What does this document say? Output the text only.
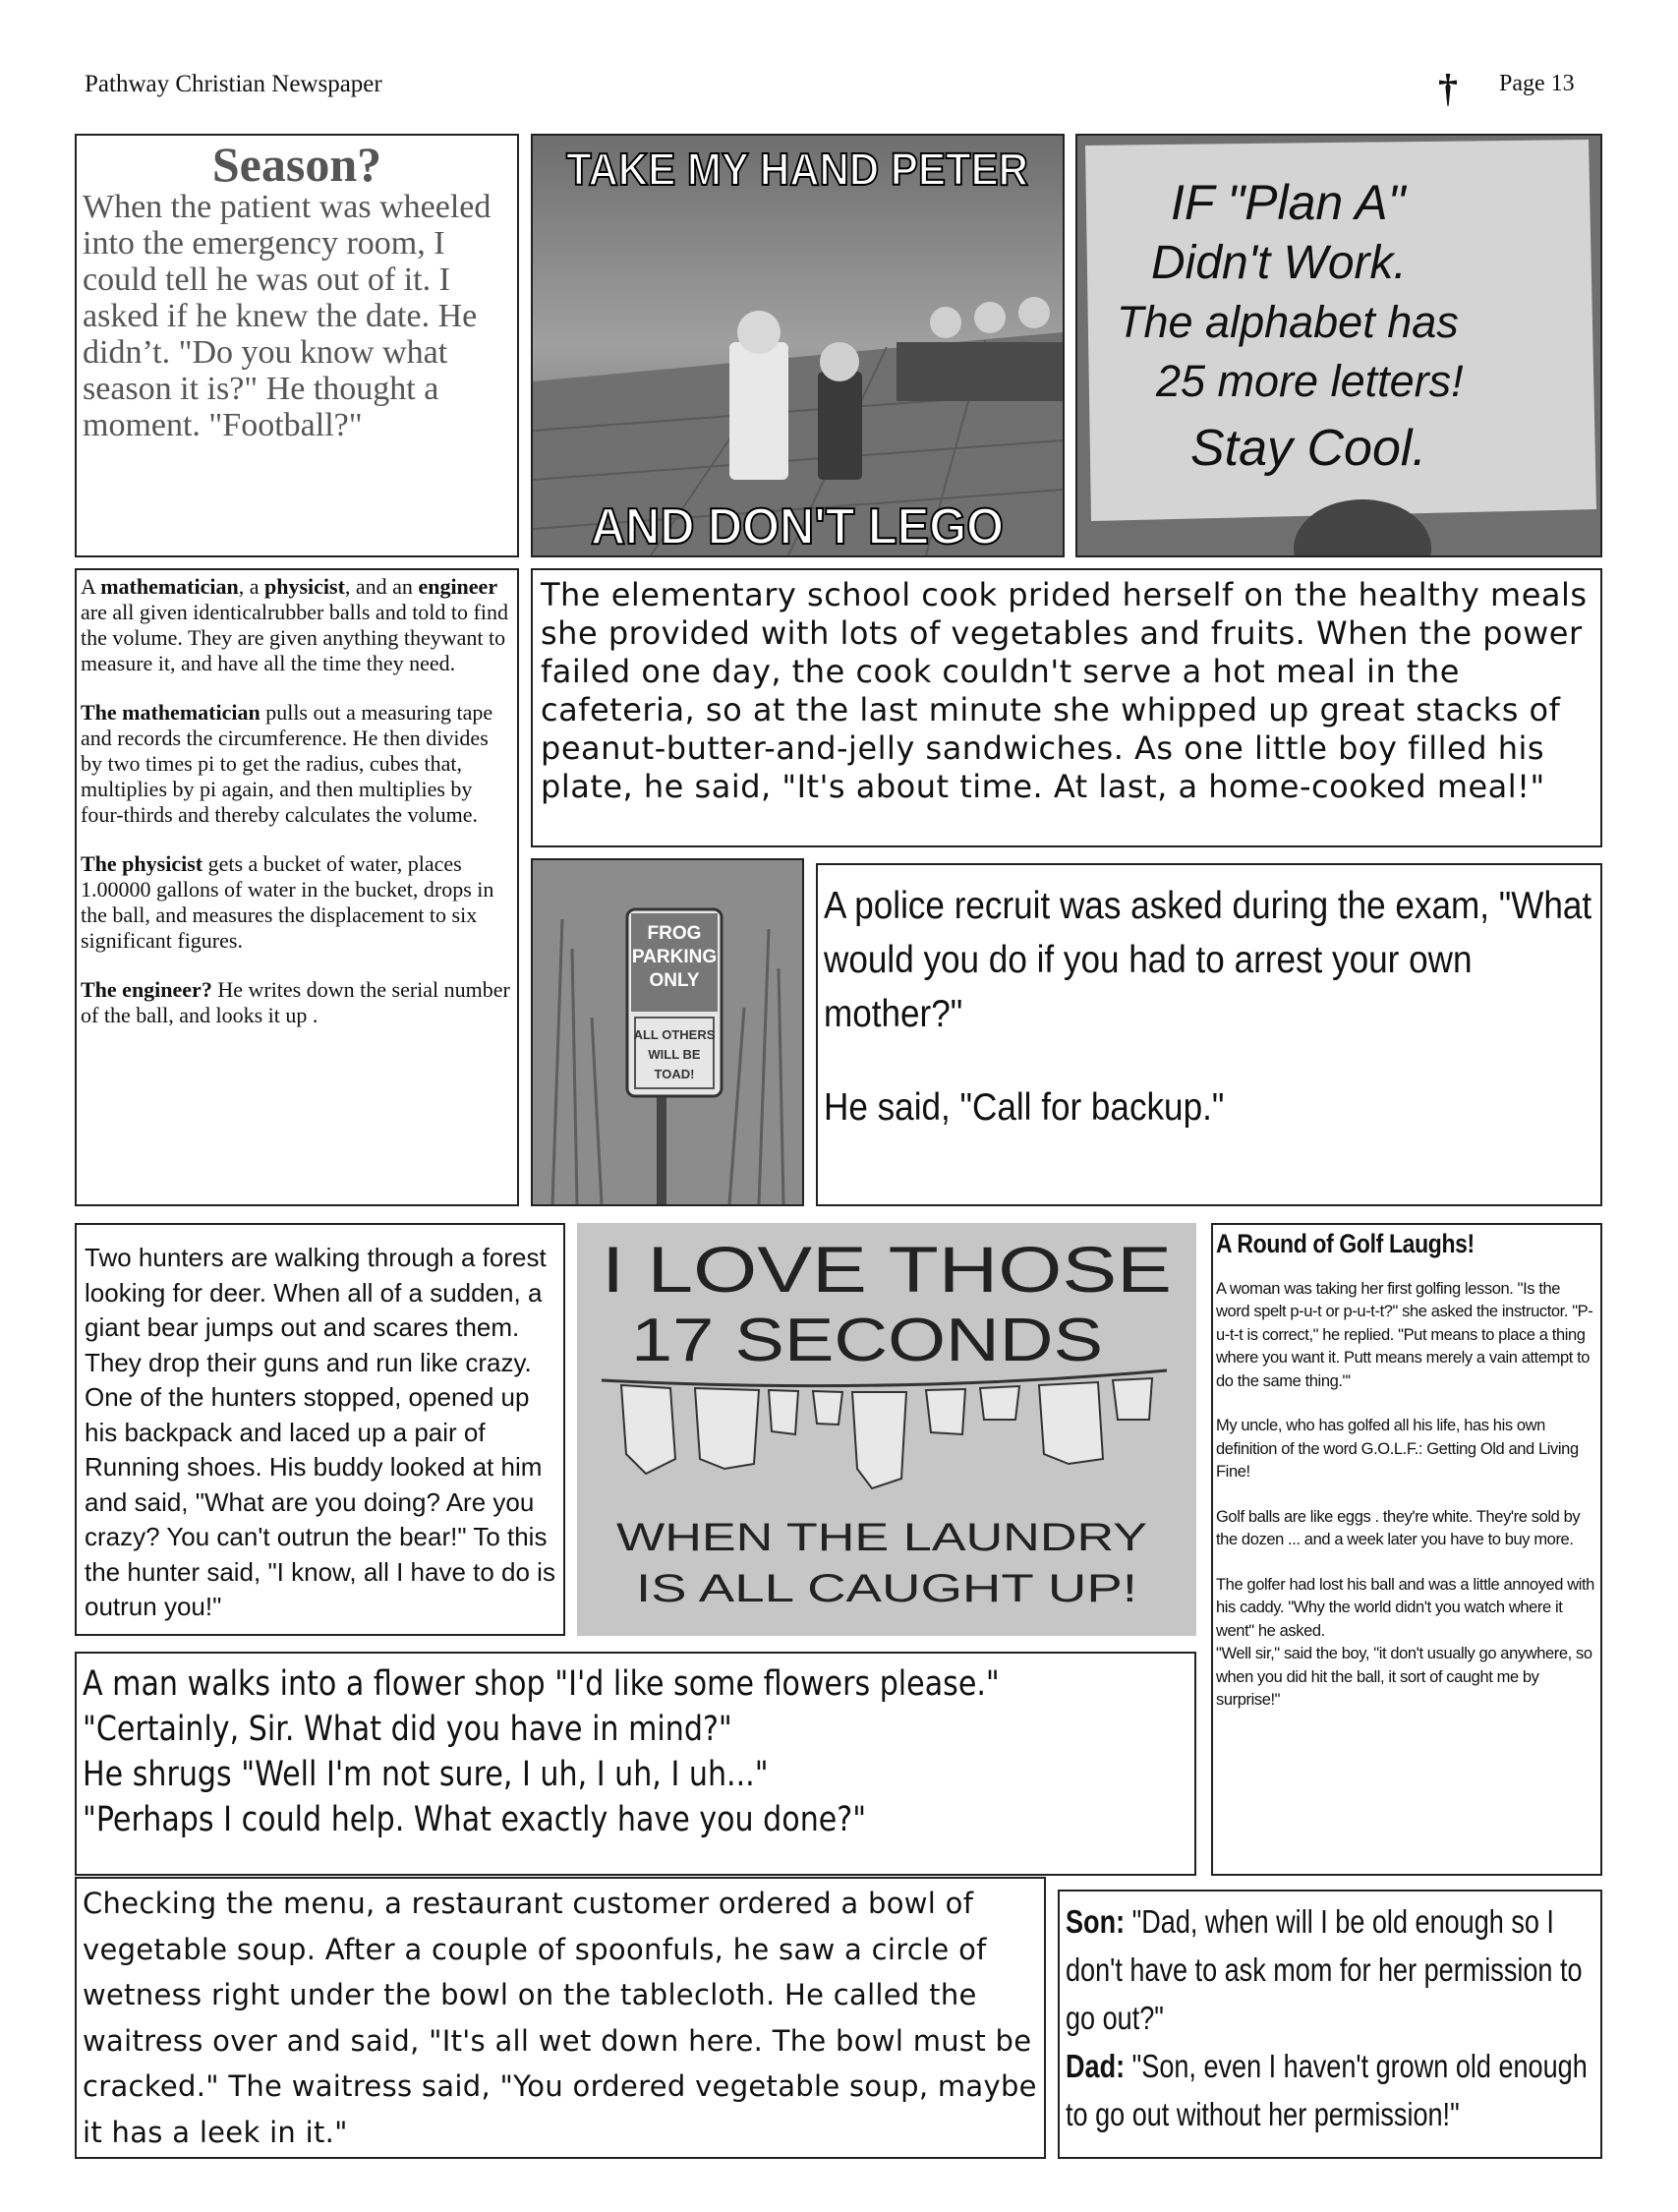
Pathway Christian Newspaper	† Page 13
Season?
When the patient was wheeled into the emergency room, I could tell he was out of it. I asked if he knew the date. He didn’t. "Do you know what season it is?" He thought a moment. "Football?"
TAKE MY HAND PETER
AND DON'T LEGO
IF "Plan A"
Didn't Work.
The alphabet has
25 more letters!
Stay Cool.

A mathematician, a physicist, and an engineer are all given identicalrubber balls and told to find the volume. They are given anything theywant to measure it, and have all the time they need.

The mathematician pulls out a measuring tape and records the circumference. He then divides by two times pi to get the radius, cubes that, multiplies by pi again, and then multiplies by four-thirds and thereby calculates the volume.

The physicist gets a bucket of water, places 1.00000 gallons of water in the bucket, drops in the ball, and measures the displacement to six significant figures.

The engineer? He writes down the serial number of the ball, and looks it up .

The elementary school cook prided herself on the healthy meals she provided with lots of vegetables and fruits. When the power failed one day, the cook couldn't serve a hot meal in the cafeteria, so at the last minute she whipped up great stacks of peanut-butter-and-jelly sandwiches. As one little boy filled his plate, he said, "It's about time. At last, a home-cooked meal!"
FROG
PARKING
ONLY
ALL OTHERS
WILL BE
TOAD!
A police recruit was asked during the exam, "What would you do if you had to arrest your own mother?"
He said, "Call for backup."
Two hunters are walking through a forest looking for deer. When all of a sudden, a giant bear jumps out and scares them. They drop their guns and run like crazy. One of the hunters stopped, opened up his backpack and laced up a pair of Running shoes. His buddy looked at him and said, "What are you doing? Are you crazy? You can't outrun the bear!" To this the hunter said, "I know, all I have to do is outrun you!"
I LOVE THOSE
17 SECONDS
WHEN THE LAUNDRY
IS ALL CAUGHT UP!
A Round of Golf Laughs!

A woman was taking her first golfing lesson. "Is the word spelt p-u-t or p-u-t-t?" she asked the instructor. "P-u-t-t is correct," he replied. "Put means to place a thing where you want it. Putt means merely a vain attempt to do the same thing."'

My uncle, who has golfed all his life, has his own definition of the word G.O.L.F.: Getting Old and Living Fine!

Golf balls are like eggs . they're white. They're sold by the dozen ... and a week later you have to buy more.

The golfer had lost his ball and was a little annoyed with his caddy. "Why the world didn't you watch where it went" he asked.

"Well sir," said the boy, "it don't usually go anywhere, so when you did hit the ball, it sort of caught me by surprise!"

A man walks into a flower shop "I'd like some flowers please."
"Certainly, Sir. What did you have in mind?"
He shrugs "Well I'm not sure, I uh, I uh, I uh..."
"Perhaps I could help. What exactly have you done?"
Checking the menu, a restaurant customer ordered a bowl of vegetable soup. After a couple of spoonfuls, he saw a circle of wetness right under the bowl on the tablecloth. He called the waitress over and said, "It's all wet down here. The bowl must be cracked." The waitress said, "You ordered vegetable soup, maybe it has a leek in it."
Son: "Dad, when will I be old enough so I don't have to ask mom for her permission to go out?"
Dad: "Son, even I haven't grown old enough to go out without her permission!"
